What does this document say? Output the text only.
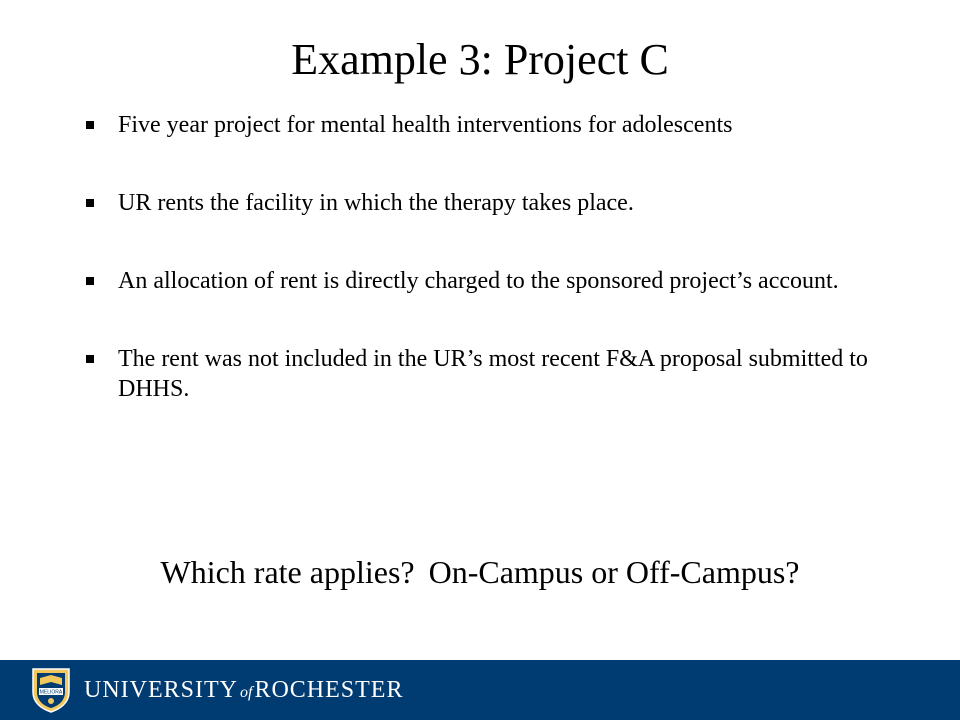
Example 3: Project C
Five year project for mental health interventions for adolescents
UR rents the facility in which the therapy takes place.
An allocation of rent is directly charged to the sponsored project’s account.
The rent was not included in the UR’s most recent F&A proposal submitted to DHHS.
Which rate applies? On-Campus or Off-Campus?
MELIORA UNIVERSITY ofROCHESTER
